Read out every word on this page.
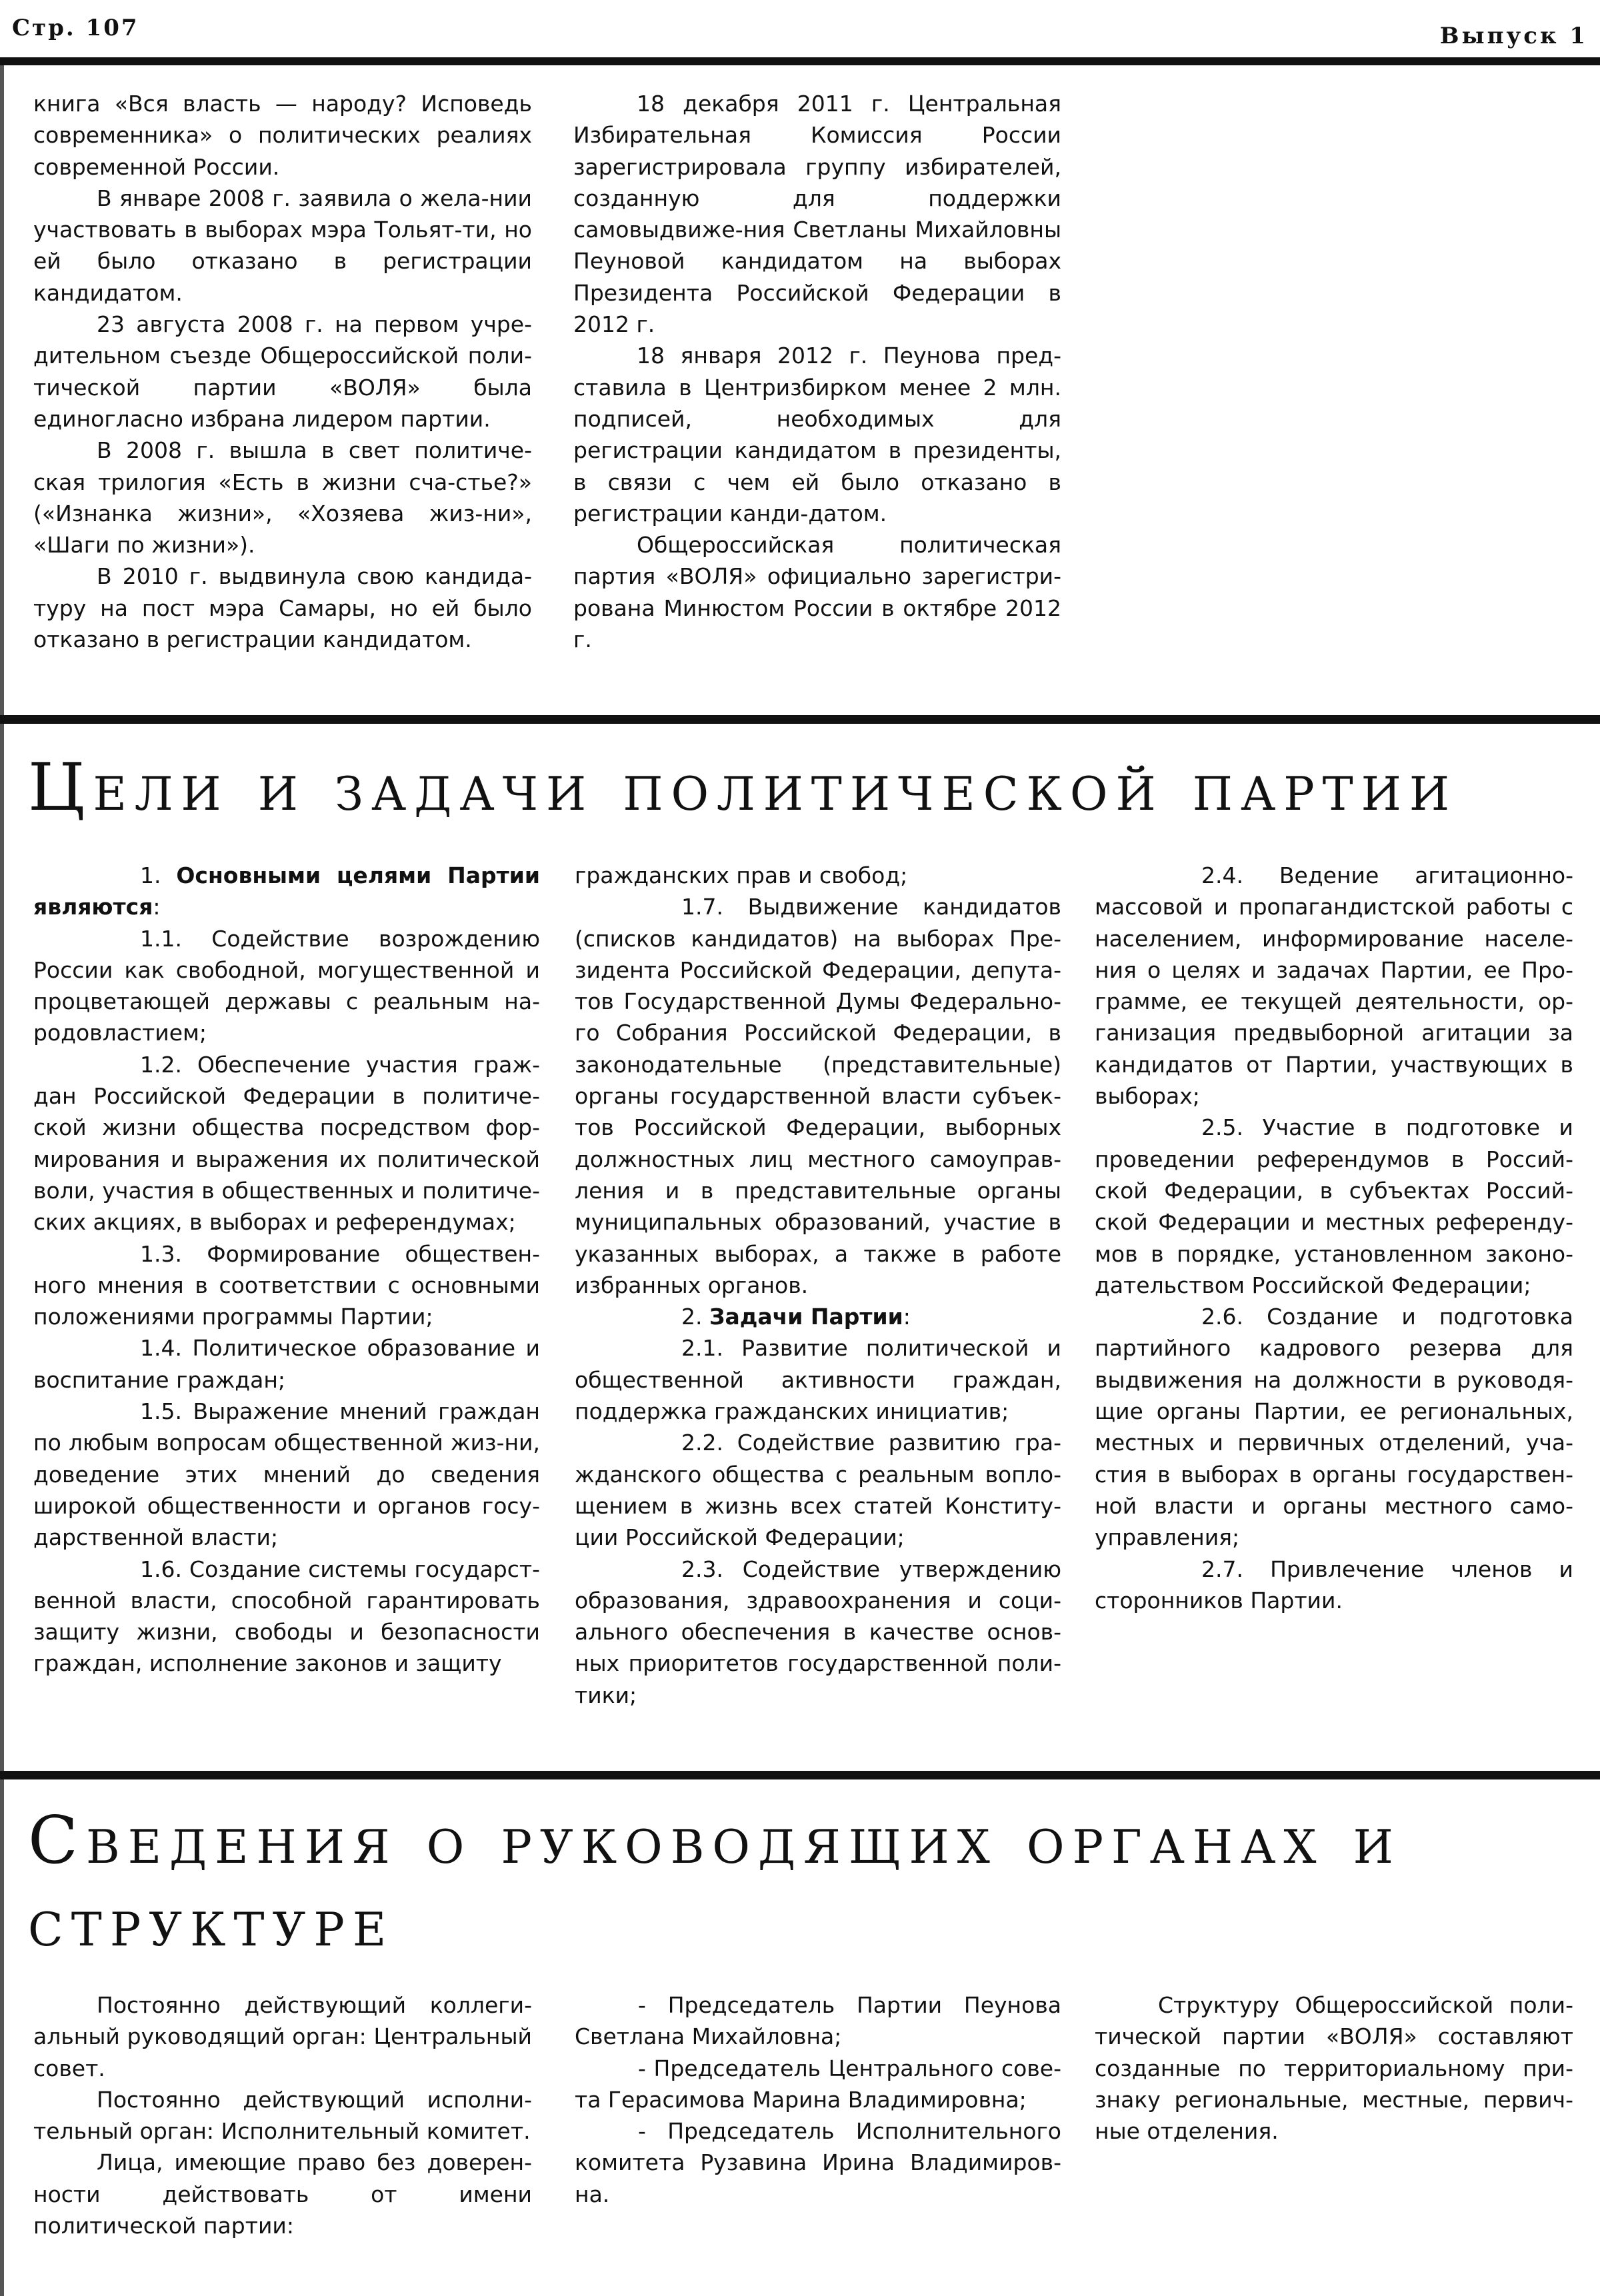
Стр. 107	Выпуск 1

книга «Вся власть — народу? Исповедь современника» о политических реалиях современной России.

В январе 2008 г. заявила о жела-нии участвовать в выборах мэра Тольят-ти, но ей было отказано в регистрации кандидатом.

23 августа 2008 г. на первом учре-дительном съезде Общероссийской поли-тической партии «ВОЛЯ» была единогласно избрана лидером партии.

В 2008 г. вышла в свет политиче-ская трилогия «Есть в жизни сча-стье?» («Изнанка жизни», «Хозяева жиз-ни», «Шаги по жизни»).

В 2010 г. выдвинула свою кандида-туру на пост мэра Самары, но ей было отказано в регистрации кандидатом.

18 декабря 2011 г. Центральная Избирательная Комиссия России зарегистрировала группу избирателей, созданную для поддержки самовыдвиже-ния Светланы Михайловны Пеуновой кандидатом на выборах Президента Российской Федерации в 2012 г.

18 января 2012 г. Пеунова пред-ставила в Центризбирком менее 2 млн. подписей, необходимых для регистрации кандидатом в президенты, в связи с чем ей было отказано в регистрации канди-датом.

Общероссийская политическая партия «ВОЛЯ» официально зарегистри-рована Минюстом России в октябре 2012 г.

Цели и задачи политической партии

1. Основными целями Партии являются:

1.1. Содействие возрождению России как свободной, могущественной и процветающей державы с реальным на-родовластием;

1.2. Обеспечение участия граж-дан Российской Федерации в политиче-ской жизни общества посредством фор-мирования и выражения их политической воли, участия в общественных и политиче-ских акциях, в выборах и референдумах;

1.3. Формирование обществен-ного мнения в соответствии с основными положениями программы Партии;

1.4. Политическое образование и воспитание граждан;

1.5. Выражение мнений граждан по любым вопросам общественной жиз-ни, доведение этих мнений до сведения широкой общественности и органов госу-дарственной власти;

1.6. Создание системы государст-венной власти, способной гарантировать защиту жизни, свободы и безопасности граждан, исполнение законов и защиту

гражданских прав и свобод;

1.7. Выдвижение кандидатов (списков кандидатов) на выборах Пре-зидента Российской Федерации, депута-тов Государственной Думы Федерально-го Собрания Российской Федерации, в законодательные (представительные) органы государственной власти субъек-тов Российской Федерации, выборных должностных лиц местного самоуправ-ления и в представительные органы муниципальных образований, участие в указанных выборах, а также в работе избранных органов.

2. Задачи Партии:

2.1. Развитие политической и общественной активности граждан, поддержка гражданских инициатив;

2.2. Содействие развитию гра-жданского общества с реальным вопло-щением в жизнь всех статей Конститу-ции Российской Федерации;

2.3. Содействие утверждению образования, здравоохранения и соци-ального обеспечения в качестве основ-ных приоритетов государственной поли-тики;

2.4. Ведение агитационно-массовой и пропагандистской работы с населением, информирование населе-ния о целях и задачах Партии, ее Про-грамме, ее текущей деятельности, ор-ганизация предвыборной агитации за кандидатов от Партии, участвующих в выборах;

2.5. Участие в подготовке и проведении референдумов в Россий-ской Федерации, в субъектах Россий-ской Федерации и местных референду-мов в порядке, установленном законо-дательством Российской Федерации;

2.6. Создание и подготовка партийного кадрового резерва для выдвижения на должности в руководя-щие органы Партии, ее региональных, местных и первичных отделений, уча-стия в выборах в органы государствен-ной власти и органы местного само-управления;

2.7. Привлечение членов и сторонников Партии.

Сведения о руководящих органах и структуре

Постоянно действующий коллеги-альный руководящий орган: Центральный совет.

Постоянно действующий исполни-тельный орган: Исполнительный комитет.

Лица, имеющие право без доверен-ности действовать от имени политической партии:

- Председатель Партии Пеунова Светлана Михайловна;

- Председатель Центрального сове-та Герасимова Марина Владимировна;

- Председатель Исполнительного комитета Рузавина Ирина Владимиров-на.

Структуру Общероссийской поли-тической партии «ВОЛЯ» составляют созданные по территориальному при-знаку региональные, местные, первич-ные отделения.
